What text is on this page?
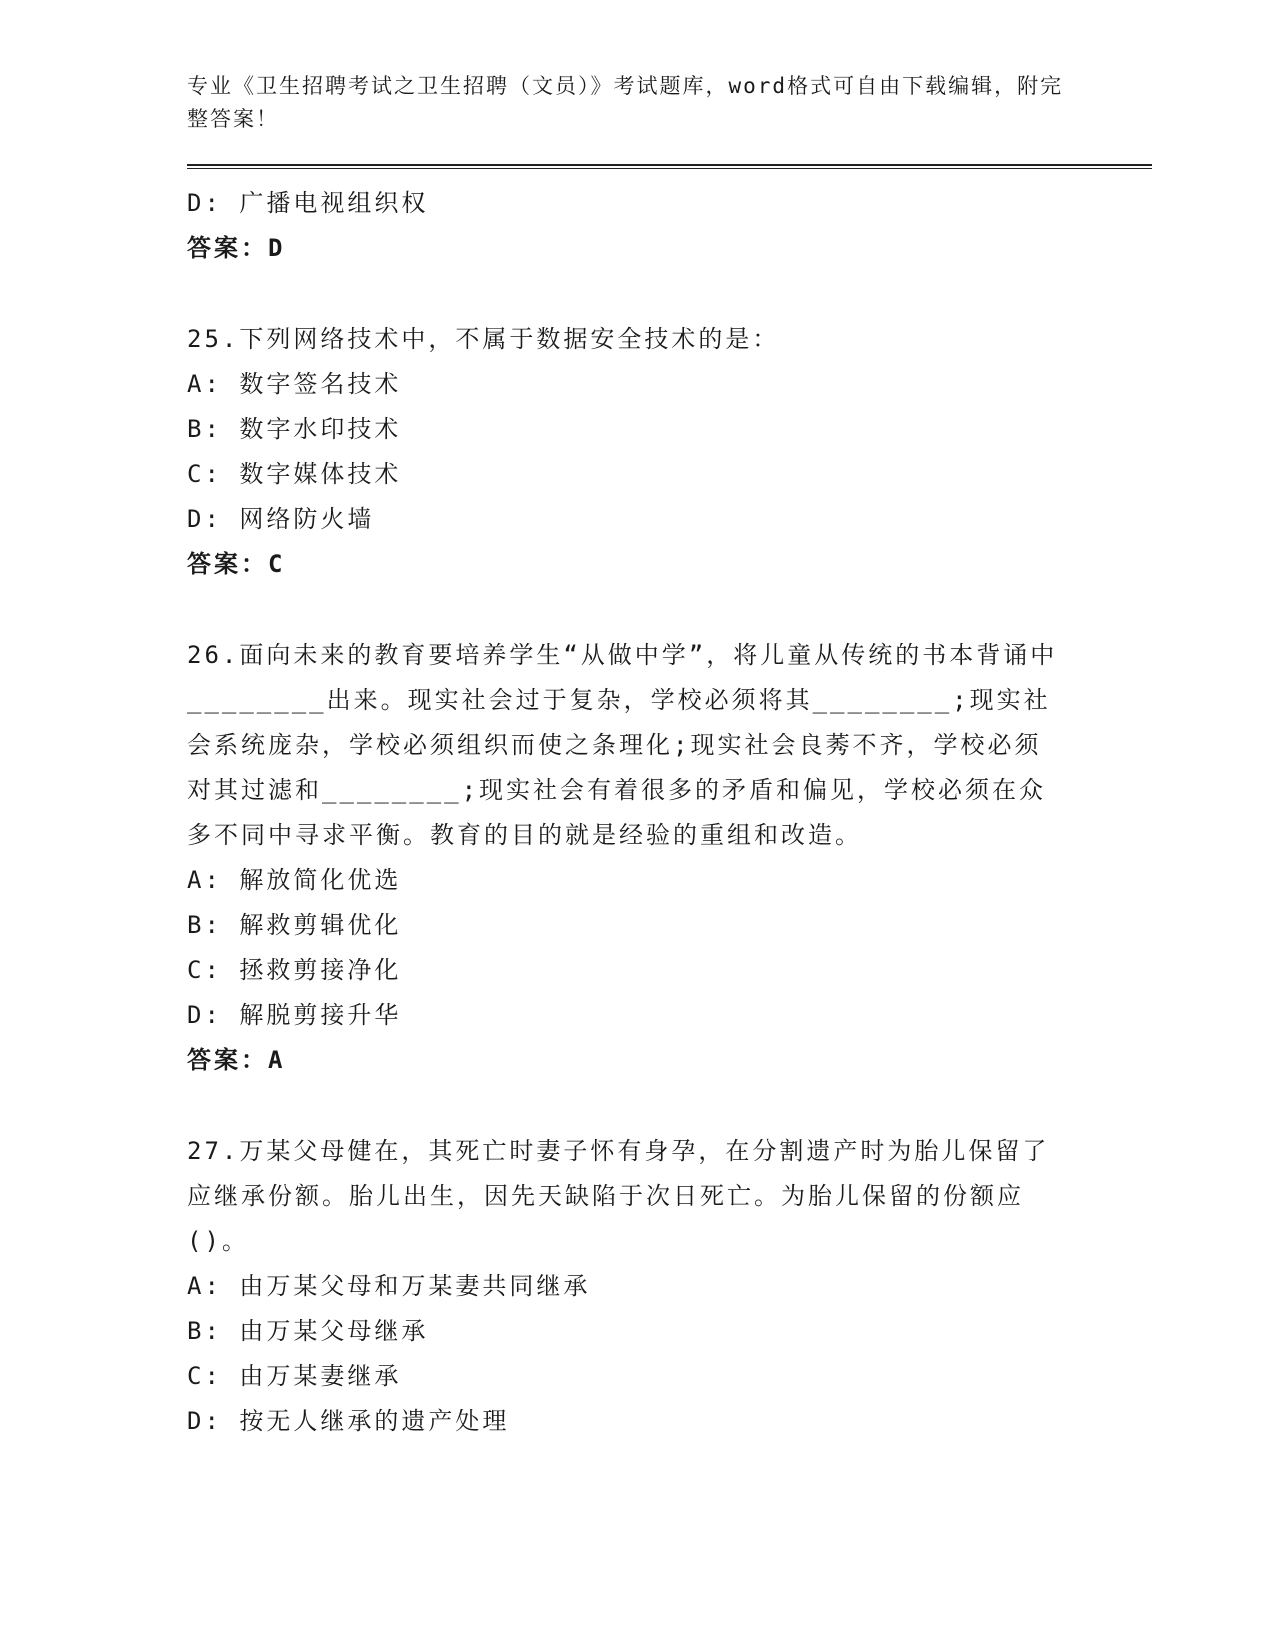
专业《卫生招聘考试之卫生招聘（文员）》考试题库，word格式可自由下载编辑，附完整答案！

D: 广播电视组织权

答案：D

25.下列网络技术中，不属于数据安全技术的是：

A: 数字签名技术

B: 数字水印技术

C: 数字媒体技术

D: 网络防火墙

答案：C

26.面向未来的教育要培养学生“从做中学”，将儿童从传统的书本背诵中________出来。现实社会过于复杂，学校必须将其________;现实社会系统庞杂，学校必须组织而使之条理化;现实社会良莠不齐，学校必须对其过滤和________;现实社会有着很多的矛盾和偏见，学校必须在众多不同中寻求平衡。教育的目的就是经验的重组和改造。

A: 解放简化优选

B: 解救剪辑优化

C: 拯救剪接净化

D: 解脱剪接升华

答案：A

27.万某父母健在，其死亡时妻子怀有身孕，在分割遗产时为胎儿保留了应继承份额。胎儿出生，因先天缺陷于次日死亡。为胎儿保留的份额应()。

A: 由万某父母和万某妻共同继承

B: 由万某父母继承

C: 由万某妻继承

D: 按无人继承的遗产处理
